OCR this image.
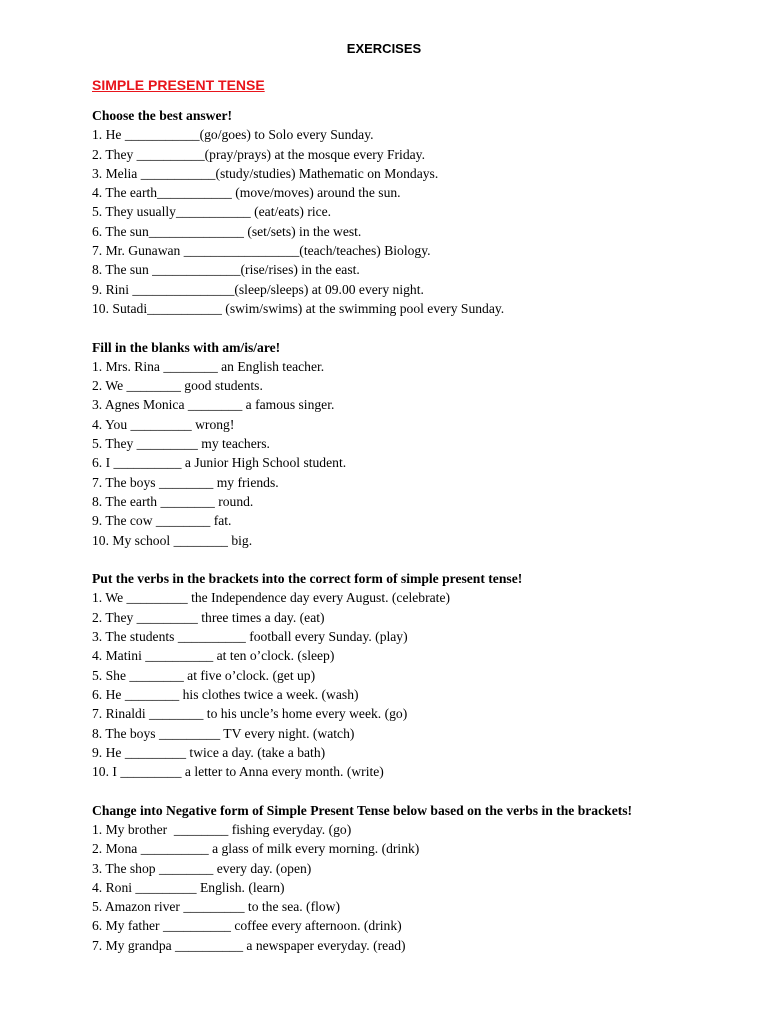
EXERCISES
SIMPLE PRESENT TENSE
Choose the best answer!
1. He ___________(go/goes) to Solo every Sunday.
2. They __________(pray/prays) at the mosque every Friday.
3. Melia ___________(study/studies) Mathematic on Mondays.
4. The earth___________ (move/moves) around the sun.
5. They usually___________ (eat/eats) rice.
6. The sun______________ (set/sets) in the west.
7. Mr. Gunawan _________________(teach/teaches) Biology.
8. The sun _____________(rise/rises) in the east.
9. Rini _______________(sleep/sleeps) at 09.00 every night.
10. Sutadi___________ (swim/swims) at the swimming pool every Sunday.
Fill in the blanks with am/is/are!
1. Mrs. Rina ________ an English teacher.
2. We ________ good students.
3. Agnes Monica ________ a famous singer.
4. You _________ wrong!
5. They _________ my teachers.
6. I __________ a Junior High School student.
7. The boys ________ my friends.
8. The earth ________ round.
9. The cow ________ fat.
10. My school ________ big.
Put the verbs in the brackets into the correct form of simple present tense!
1. We _________ the Independence day every August. (celebrate)
2. They _________ three times a day. (eat)
3. The students __________ football every Sunday. (play)
4. Matini __________ at ten o’clock. (sleep)
5. She ________ at five o’clock. (get up)
6. He ________ his clothes twice a week. (wash)
7. Rinaldi ________ to his uncle’s home every week. (go)
8. The boys _________ TV every night. (watch)
9. He _________ twice a day. (take a bath)
10. I _________ a letter to Anna every month. (write)
Change into Negative form of Simple Present Tense below based on the verbs in the brackets!
1. My brother  ________ fishing everyday. (go)
2. Mona __________ a glass of milk every morning. (drink)
3. The shop ________ every day. (open)
4. Roni _________ English. (learn)
5. Amazon river _________ to the sea. (flow)
6. My father __________ coffee every afternoon. (drink)
7. My grandpa __________ a newspaper everyday. (read)
